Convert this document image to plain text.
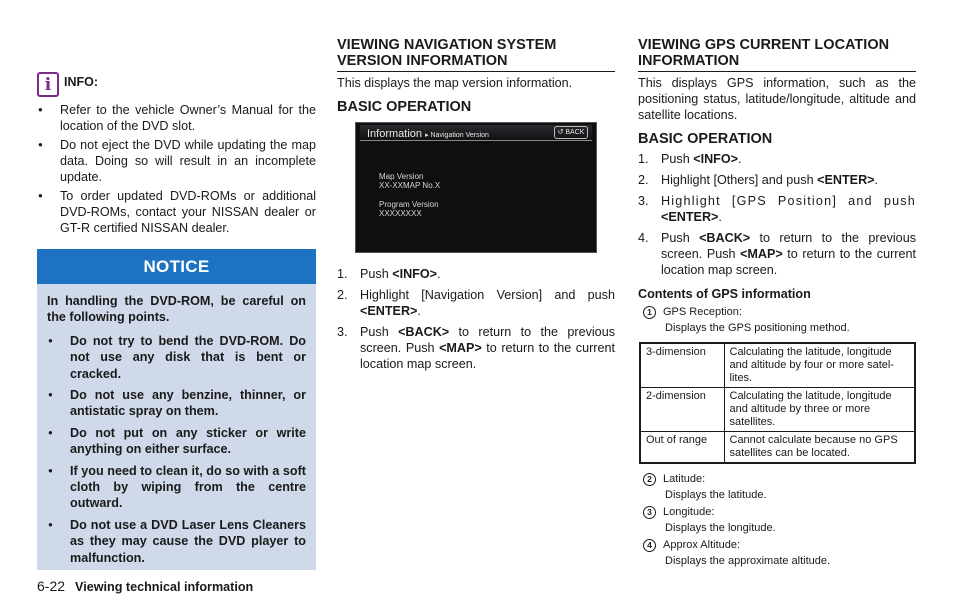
i	INFO:
● Refer to the vehicle Owner’s Manual for the location of the DVD slot.
● Do not eject the DVD while updating the map data. Doing so will result in an incomplete update.
● To order updated DVD-ROMs or additional DVD-ROMs, contact your NISSAN dealer or GT-R certified NISSAN dealer.
NOTICE

In handling the DVD-ROM, be careful on the following points.

● Do not try to bend the DVD-ROM. Do not use any disk that is bent or cracked.
● Do not use any benzine, thinner, or antistatic spray on them.
● Do not put on any sticker or write anything on either surface.
● If you need to clean it, do so with a soft cloth by wiping from the centre outward.
● Do not use a DVD Laser Lens Cleaners as they may cause the DVD player to malfunction.
6-22 Viewing technical information
VIEWING NAVIGATION SYSTEM VERSION INFORMATION

This displays the map version information.

BASIC OPERATION
1. Push <INFO>.
2. Highlight [Navigation Version] and push <ENTER>.
3. Push <BACK> to return to the previous screen. Push <MAP> to return to the current location map screen.
Information ▸ Navigation Version	↺ BACK
Map Version
XX-XXMAP No.X
Program Version
XXXXXXXX
VIEWING GPS CURRENT LOCATION INFORMATION

This displays GPS information, such as the positioning status, latitude/longitude, altitude and satellite locations.

BASIC OPERATION
1. Push <INFO>.
2. Highlight [Others] and push <ENTER>.
3. Highlight [GPS Position] and push <ENTER>.
4. Push <BACK> to return to the previous screen. Push <MAP> to return to the current location map screen.
Contents of GPS information
1 GPS Reception:
Displays the GPS positioning method.
3-dimension	Calculating the latitude, longitude and altitude by four or more satel- lites.
2-dimension	Calculating the latitude, longitude and altitude by three or more satellites.
Out of range	Cannot calculate because no GPS satellites can be located.
2 Latitude:
Displays the latitude.
3 Longitude:
Displays the longitude.
4 Approx Altitude:
Displays the approximate altitude.
